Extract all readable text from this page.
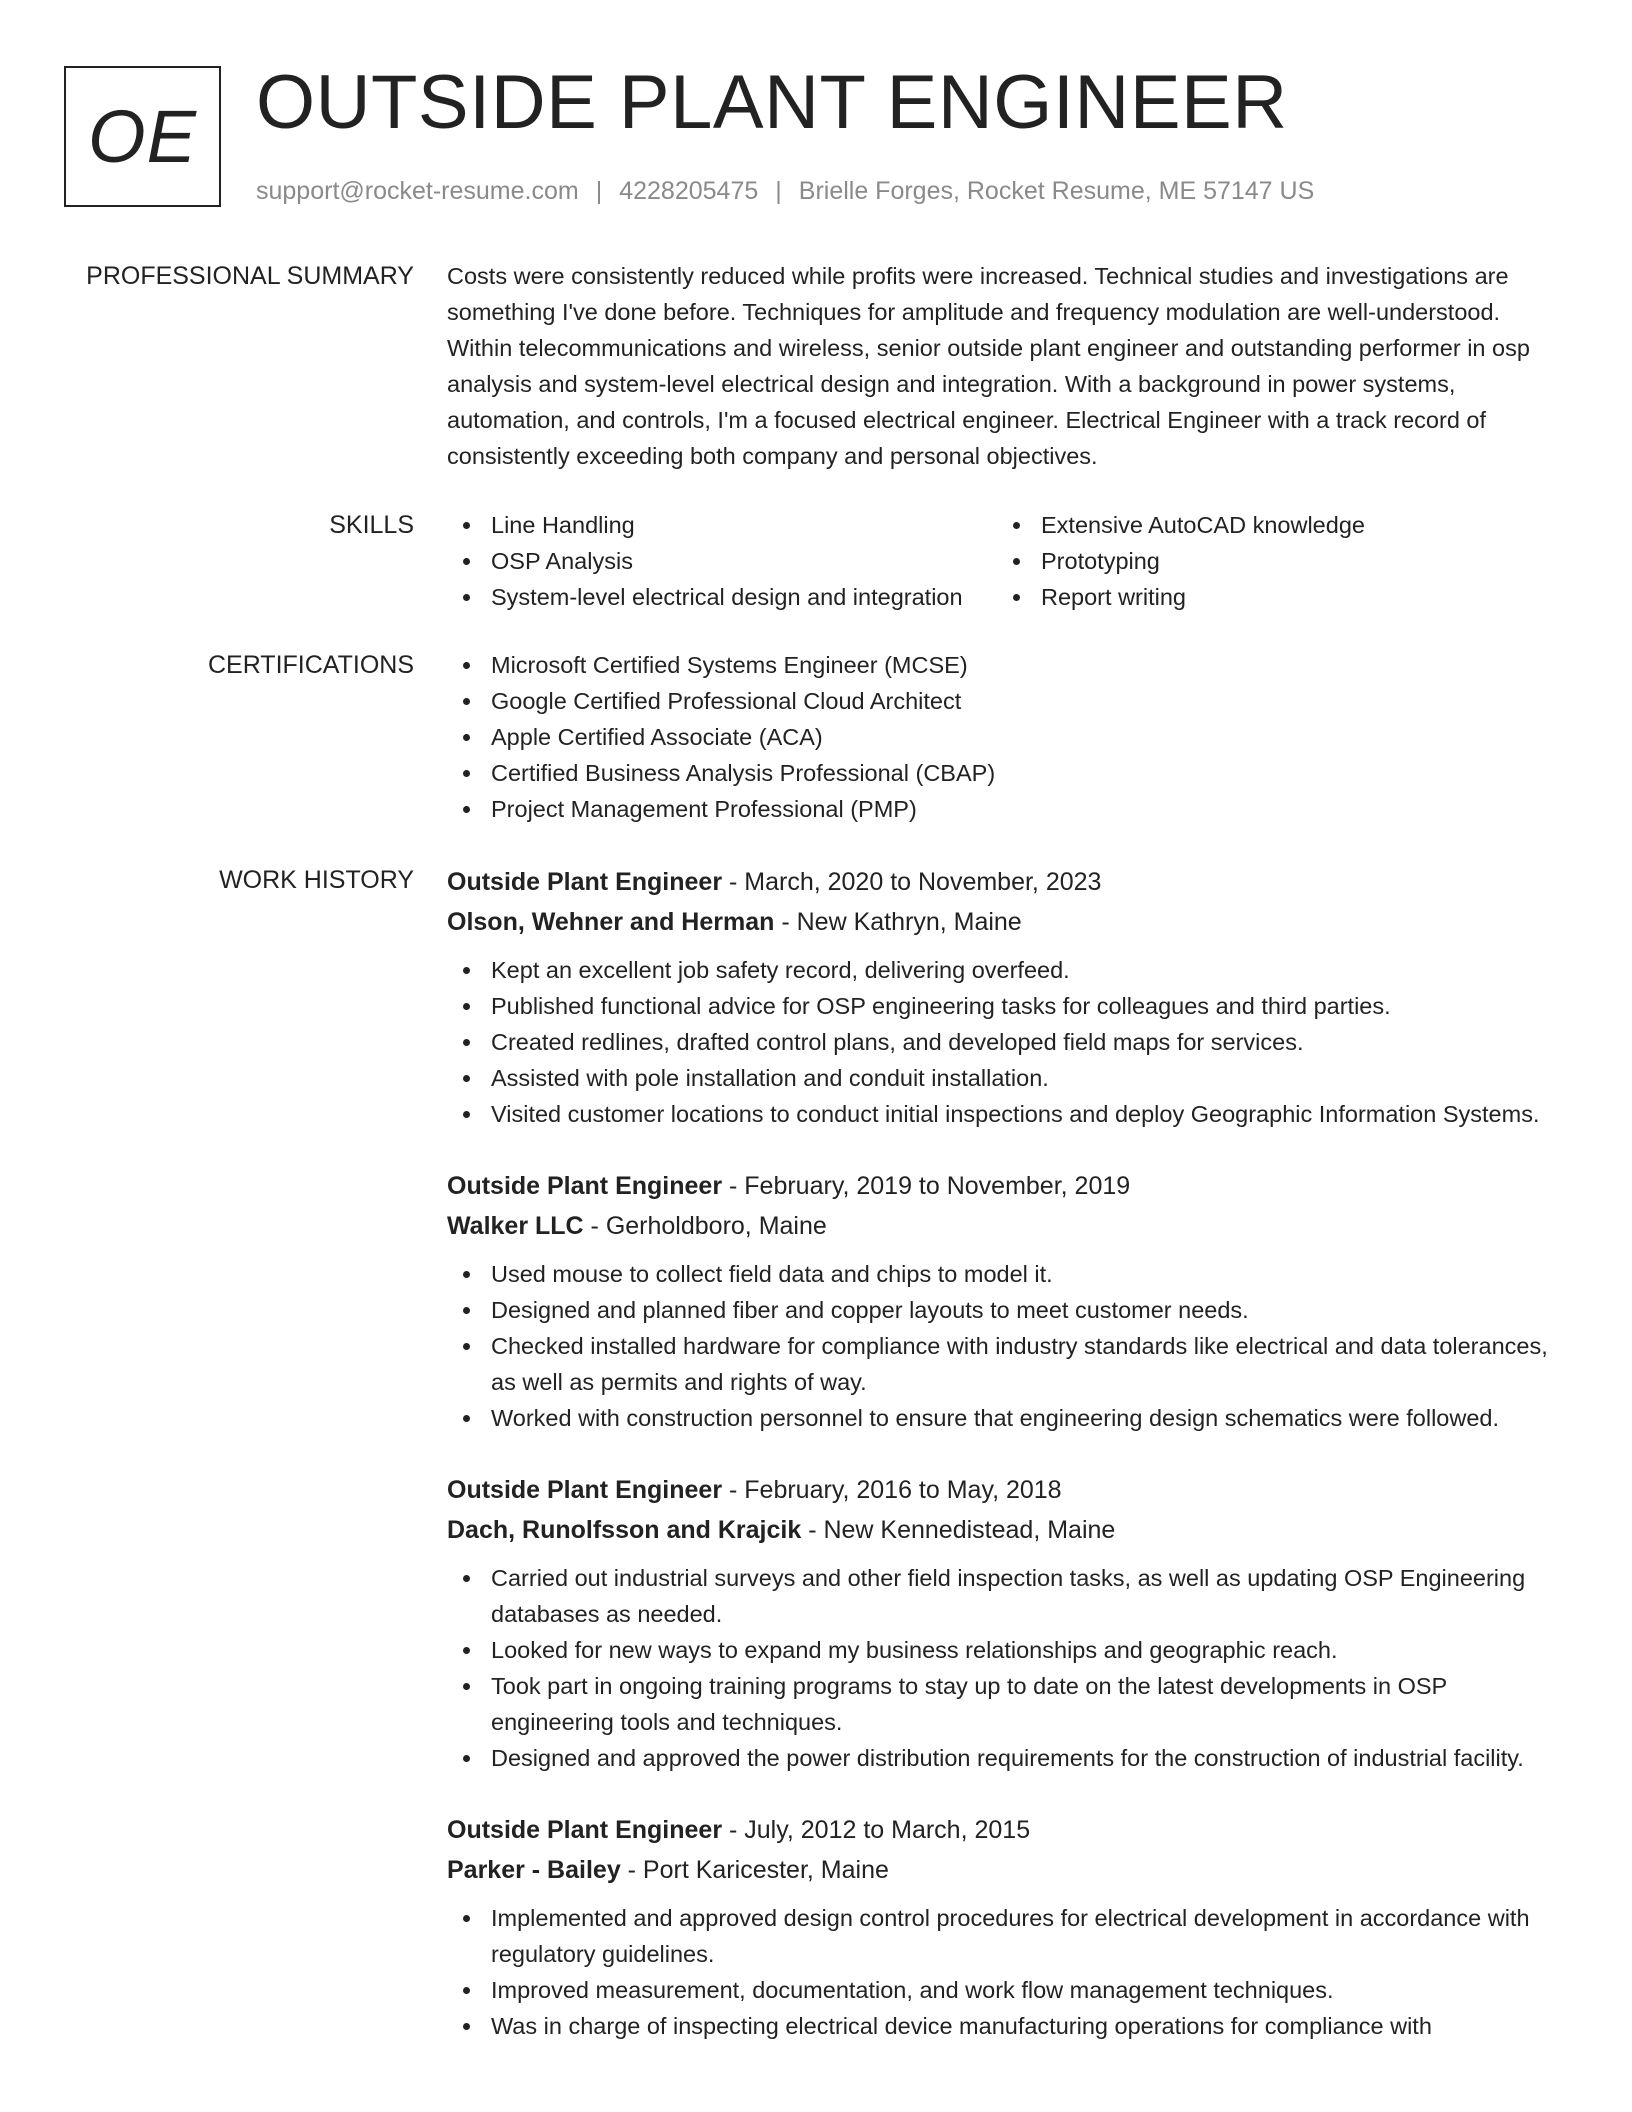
OE OUTSIDE PLANT ENGINEER
support@rocket-resume.com | 4228205475 | Brielle Forges, Rocket Resume, ME 57147 US
PROFESSIONAL SUMMARY Costs were consistently reduced while profits were increased. Technical studies and investigations are something I've done before. Techniques for amplitude and frequency modulation are well-understood. Within telecommunications and wireless, senior outside plant engineer and outstanding performer in osp analysis and system-level electrical design and integration. With a background in power systems, automation, and controls, I'm a focused electrical engineer. Electrical Engineer with a track record of consistently exceeding both company and personal objectives.

SKILLS	Line Handling
OSP Analysis
System-level electrical design and integration
Extensive AutoCAD knowledge
Prototyping
Report writing
CERTIFICATIONS	Microsoft Certified Systems Engineer (MCSE)
Google Certified Professional Cloud Architect
Apple Certified Associate (ACA)
Certified Business Analysis Professional (CBAP)
Project Management Professional (PMP)
WORK HISTORY Outside Plant Engineer - March, 2020 to November, 2023
Olson, Wehner and Herman - New Kathryn, Maine
Kept an excellent job safety record, delivering overfeed.
Published functional advice for OSP engineering tasks for colleagues and third parties.
Created redlines, drafted control plans, and developed field maps for services.
Assisted with pole installation and conduit installation.
Visited customer locations to conduct initial inspections and deploy Geographic Information Systems.
Outside Plant Engineer - February, 2019 to November, 2019
Walker LLC - Gerholdboro, Maine
Used mouse to collect field data and chips to model it.
Designed and planned fiber and copper layouts to meet customer needs.
Checked installed hardware for compliance with industry standards like electrical and data tolerances, as well as permits and rights of way.
Worked with construction personnel to ensure that engineering design schematics were followed.
Outside Plant Engineer - February, 2016 to May, 2018
Dach, Runolfsson and Krajcik - New Kennedistead, Maine
Carried out industrial surveys and other field inspection tasks, as well as updating OSP Engineering databases as needed.
Looked for new ways to expand my business relationships and geographic reach.
Took part in ongoing training programs to stay up to date on the latest developments in OSP engineering tools and techniques.
Designed and approved the power distribution requirements for the construction of industrial facility.
Outside Plant Engineer - July, 2012 to March, 2015
Parker - Bailey - Port Karicester, Maine
Implemented and approved design control procedures for electrical development in accordance with regulatory guidelines.
Improved measurement, documentation, and work flow management techniques.
Was in charge of inspecting electrical device manufacturing operations for compliance with
